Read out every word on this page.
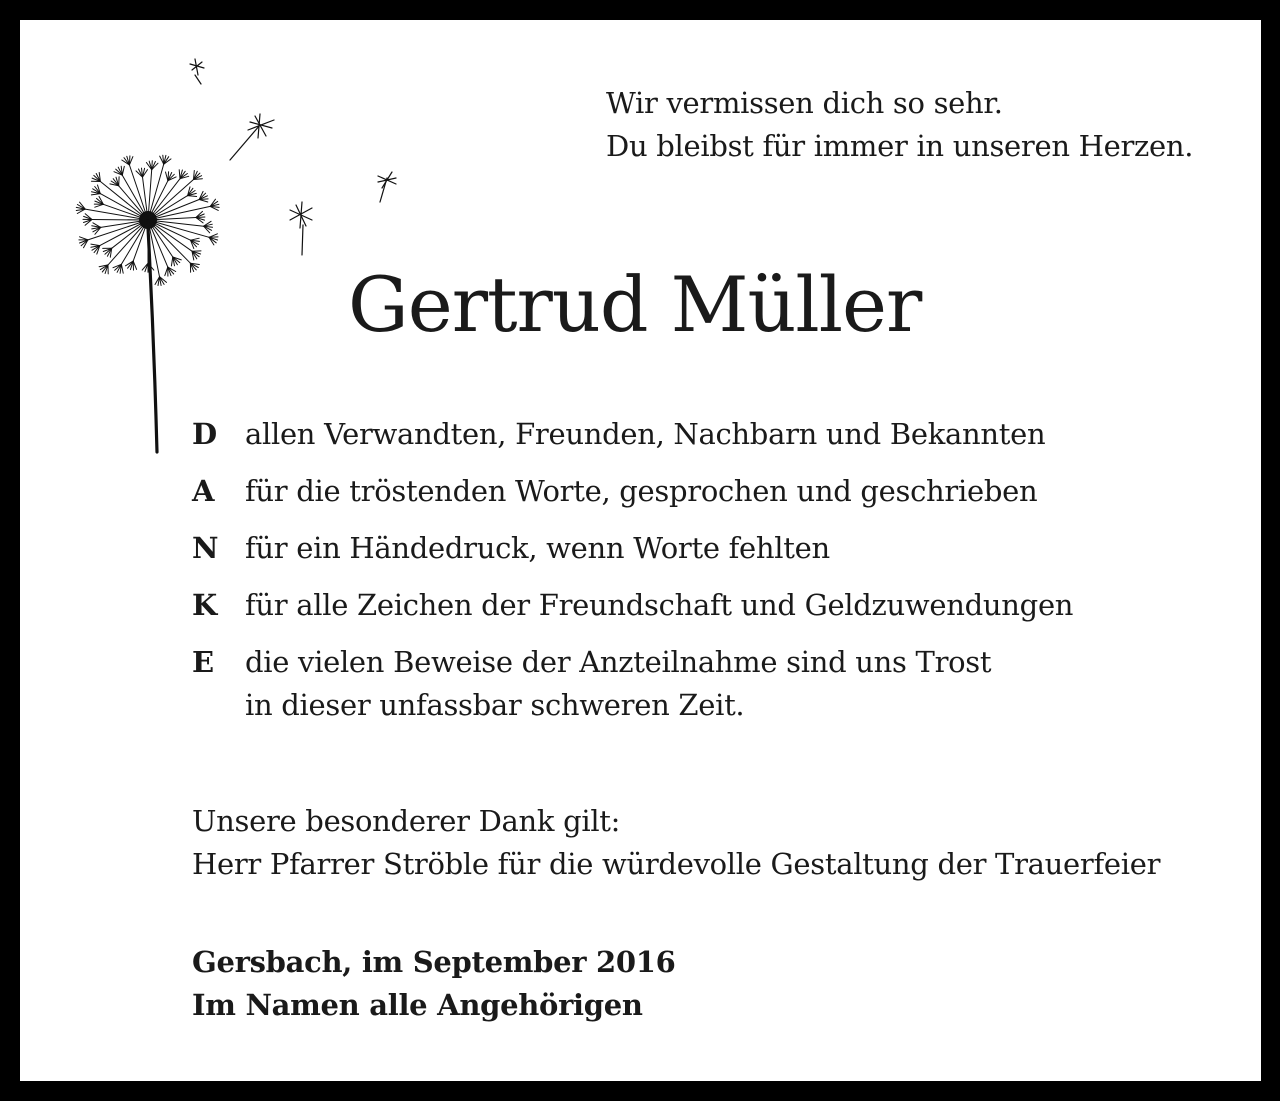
Wir vermissen dich so sehr.
Du bleibst für immer in unseren Herzen.
Gertrud Müller
D allen Verwandten, Freunden, Nachbarn und Bekannten
A	für die tröstenden Worte, gesprochen und geschrieben
N für ein Händedruck, wenn Worte fehlten
K für alle Zeichen der Freundschaft und Geldzuwendungen
E	die vielen Beweise der Anzteilnahme sind uns Trost
in dieser unfassbar schweren Zeit.
Unsere besonderer Dank gilt:
Herr Pfarrer Ströble für die würdevolle Gestaltung der Trauerfeier
Gersbach, im September 2016
Im Namen alle Angehörigen
